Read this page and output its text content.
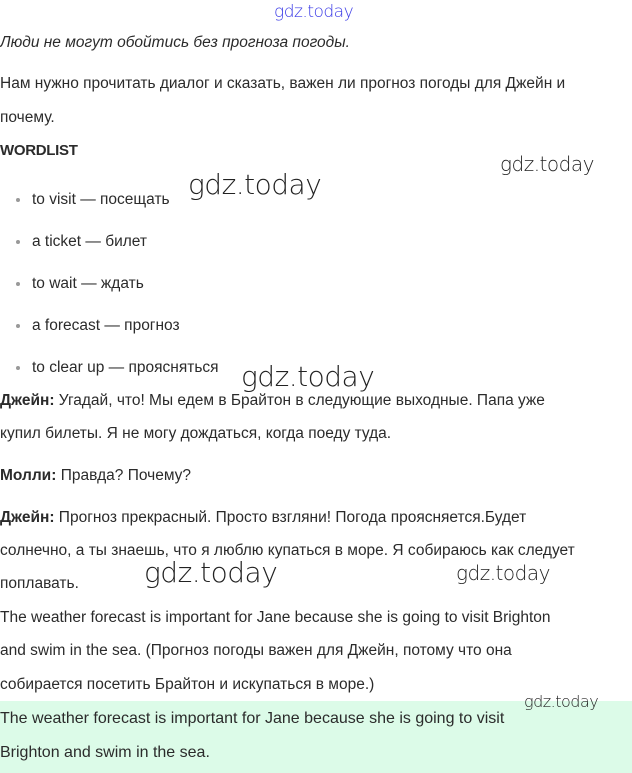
gdz.today
Люди не могут обойтись без прогноза погоды.
Нам нужно прочитать диалог и сказать, важен ли прогноз погоды для Джейн и
почему.
WORDLIST
to visit — посещать
a ticket — билет
to wait — ждать
a forecast — прогноз
to clear up — проясняться
Джейн: Угадай, что! Мы едем в Брайтон в следующие выходные. Папа уже
купил билеты. Я не могу дождаться, когда поеду туда.
Молли: Правда? Почему?
Джейн: Прогноз прекрасный. Просто взгляни! Погода проясняется.Будет
солнечно, а ты знаешь, что я люблю купаться в море. Я собираюсь как следует
поплавать.
The weather forecast is important for Jane because she is going to visit Brighton
and swim in the sea. (Прогноз погоды важен для Джейн, потому что она
собирается посетить Брайтон и искупаться в море.)
The weather forecast is important for Jane because she is going to visit
Brighton and swim in the sea.
gdz.today
gdz.today
gdz.today
gdz.today	gdz.today
gdz.today
